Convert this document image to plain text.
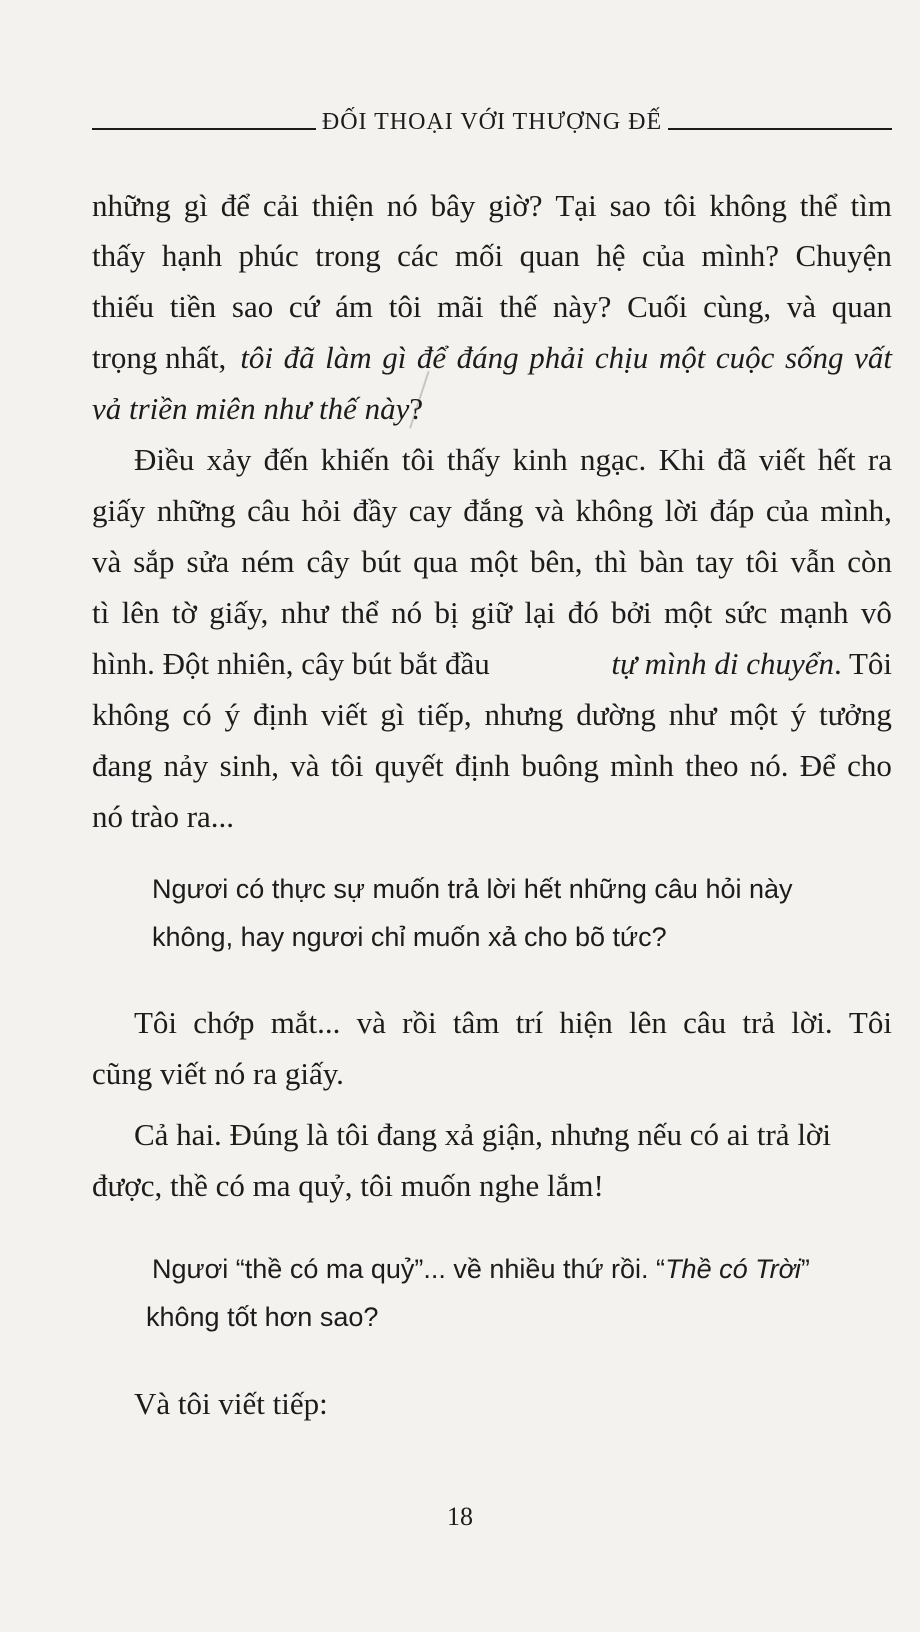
ĐỐI THOẠI VỚI THƯỢNG ĐẾ
những gì để cải thiện nó bây giờ? Tại sao tôi không thể tìm
thấy hạnh phúc trong các mối quan hệ của mình? Chuyện
thiếu tiền sao cứ ám tôi mãi thế này? Cuối cùng, và quan
trọng nhất, tôi đã làm gì để đáng phải chịu một cuộc sống vất
vả triền miên như thế này?
Điều xảy đến khiến tôi thấy kinh ngạc. Khi đã viết hết ra
giấy những câu hỏi đầy cay đắng và không lời đáp của mình,
và sắp sửa ném cây bút qua một bên, thì bàn tay tôi vẫn còn
tì lên tờ giấy, như thể nó bị giữ lại đó bởi một sức mạnh vô
hình. Đột nhiên, cây bút bắt đầu	tự mình di chuyển. Tôi
không có ý định viết gì tiếp, nhưng dường như một ý tưởng
đang nảy sinh, và tôi quyết định buông mình theo nó. Để cho
nó trào ra...
Ngươi có thực sự muốn trả lời hết những câu hỏi này
không, hay ngươi chỉ muốn xả cho bõ tức?
Tôi chớp mắt... và rồi tâm trí hiện lên câu trả lời. Tôi
cũng viết nó ra giấy.
Cả hai. Đúng là tôi đang xả giận, nhưng nếu có ai trả lời
được, thề có ma quỷ, tôi muốn nghe lắm!
Ngươi “thề có ma quỷ”... về nhiều thứ rồi. “Thề có Trời”
không tốt hơn sao?
Và tôi viết tiếp:
18
